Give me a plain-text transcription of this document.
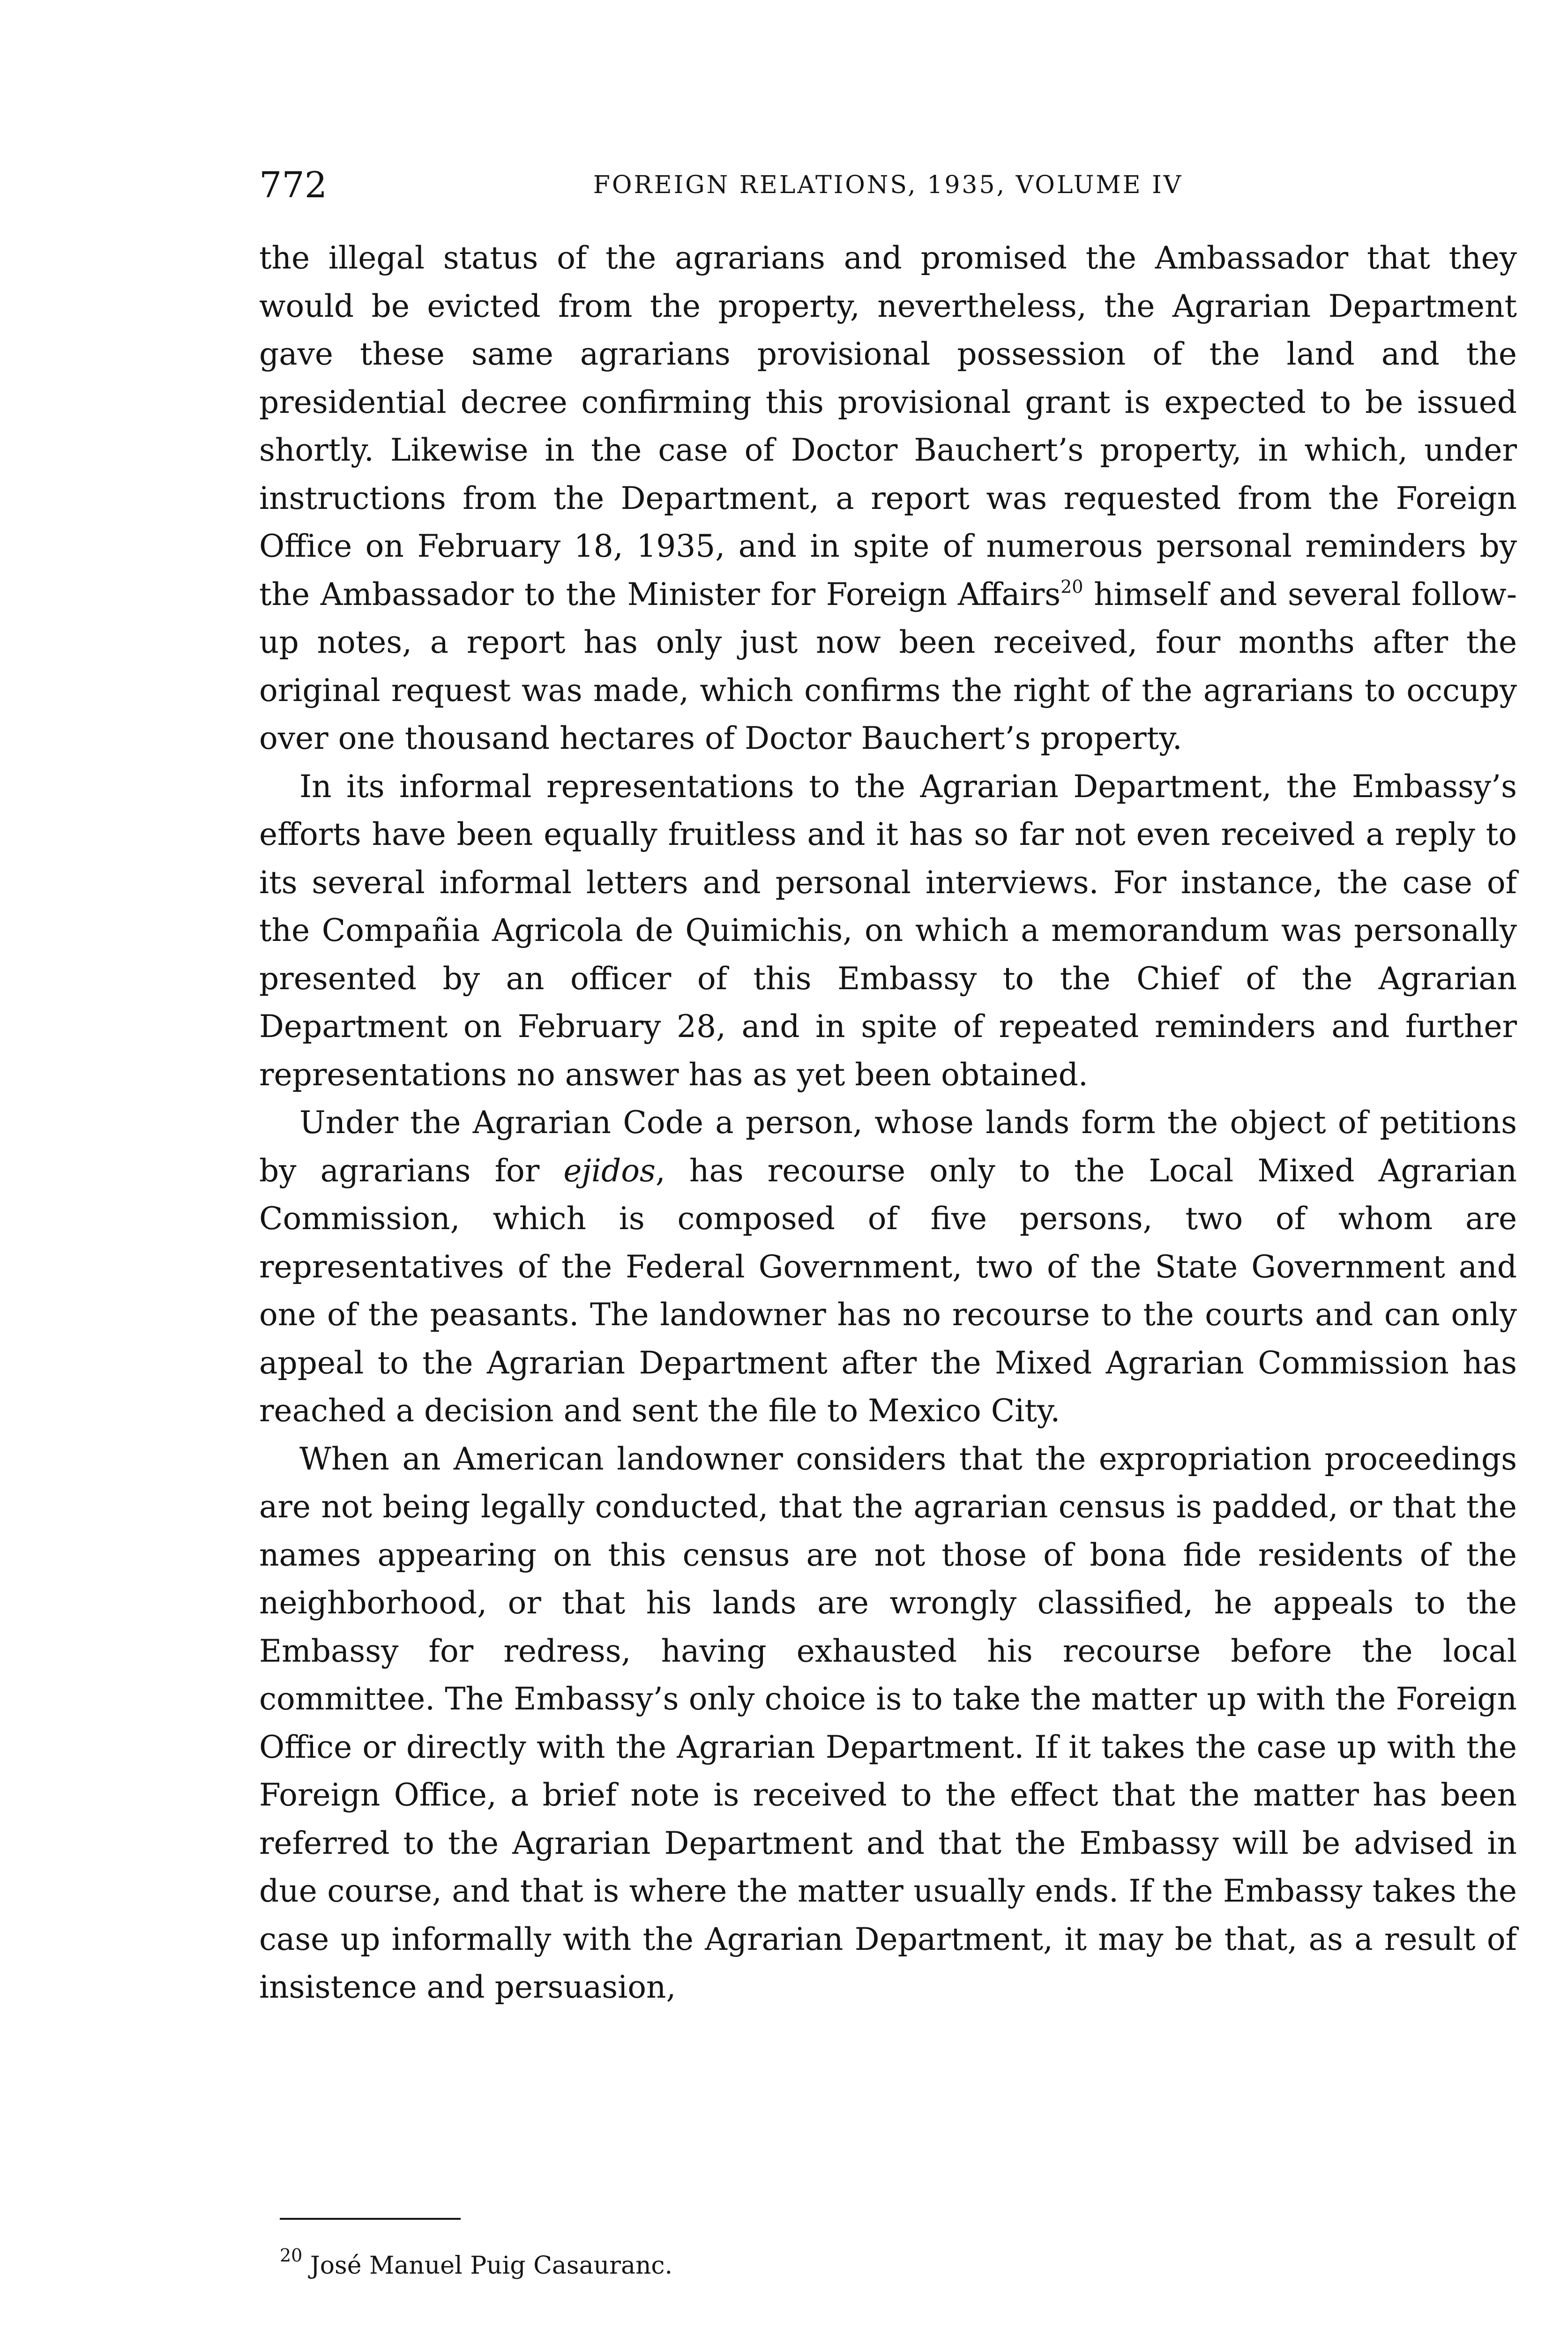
772	FOREIGN RELATIONS, 1935, VOLUME IV

the illegal status of the agrarians and promised the Ambassador that they would be evicted from the property, nevertheless, the Agrarian Department gave these same agrarians provisional possession of the land and the presidential decree confirming this provisional grant is expected to be issued shortly. Likewise in the case of Doctor Bauchert’s property, in which, under instructions from the Department, a report was requested from the Foreign Office on February 18, 1935, and in spite of numerous personal reminders by the Ambassador to the Minister for Foreign Affairs$^{20}$ himself and several follow-up notes, a report has only just now been received, four months after the original request was made, which confirms the right of the agrarians to occupy over one thousand hectares of Doctor Bauchert’s property.

In its informal representations to the Agrarian Department, the Embassy’s efforts have been equally fruitless and it has so far not even received a reply to its several informal letters and personal interviews. For instance, the case of the Compañia Agricola de Quimichis, on which a memorandum was personally presented by an officer of this Embassy to the Chief of the Agrarian Department on February 28, and in spite of repeated reminders and further representations no answer has as yet been obtained.

Under the Agrarian Code a person, whose lands form the object of petitions by agrarians for ejidos, has recourse only to the Local Mixed Agrarian Commission, which is composed of five persons, two of whom are representatives of the Federal Government, two of the State Government and one of the peasants. The landowner has no recourse to the courts and can only appeal to the Agrarian Department after the Mixed Agrarian Commission has reached a decision and sent the file to Mexico City.

When an American landowner considers that the expropriation proceedings are not being legally conducted, that the agrarian census is padded, or that the names appearing on this census are not those of bona fide residents of the neighborhood, or that his lands are wrongly classified, he appeals to the Embassy for redress, having exhausted his recourse before the local committee. The Embassy’s only choice is to take the matter up with the Foreign Office or directly with the Agrarian Department. If it takes the case up with the Foreign Office, a brief note is received to the effect that the matter has been referred to the Agrarian Department and that the Embassy will be advised in due course, and that is where the matter usually ends. If the Embassy takes the case up informally with the Agrarian Department, it may be that, as a result of insistence and persuasion,

$^{20}$ José Manuel Puig Casauranc.
